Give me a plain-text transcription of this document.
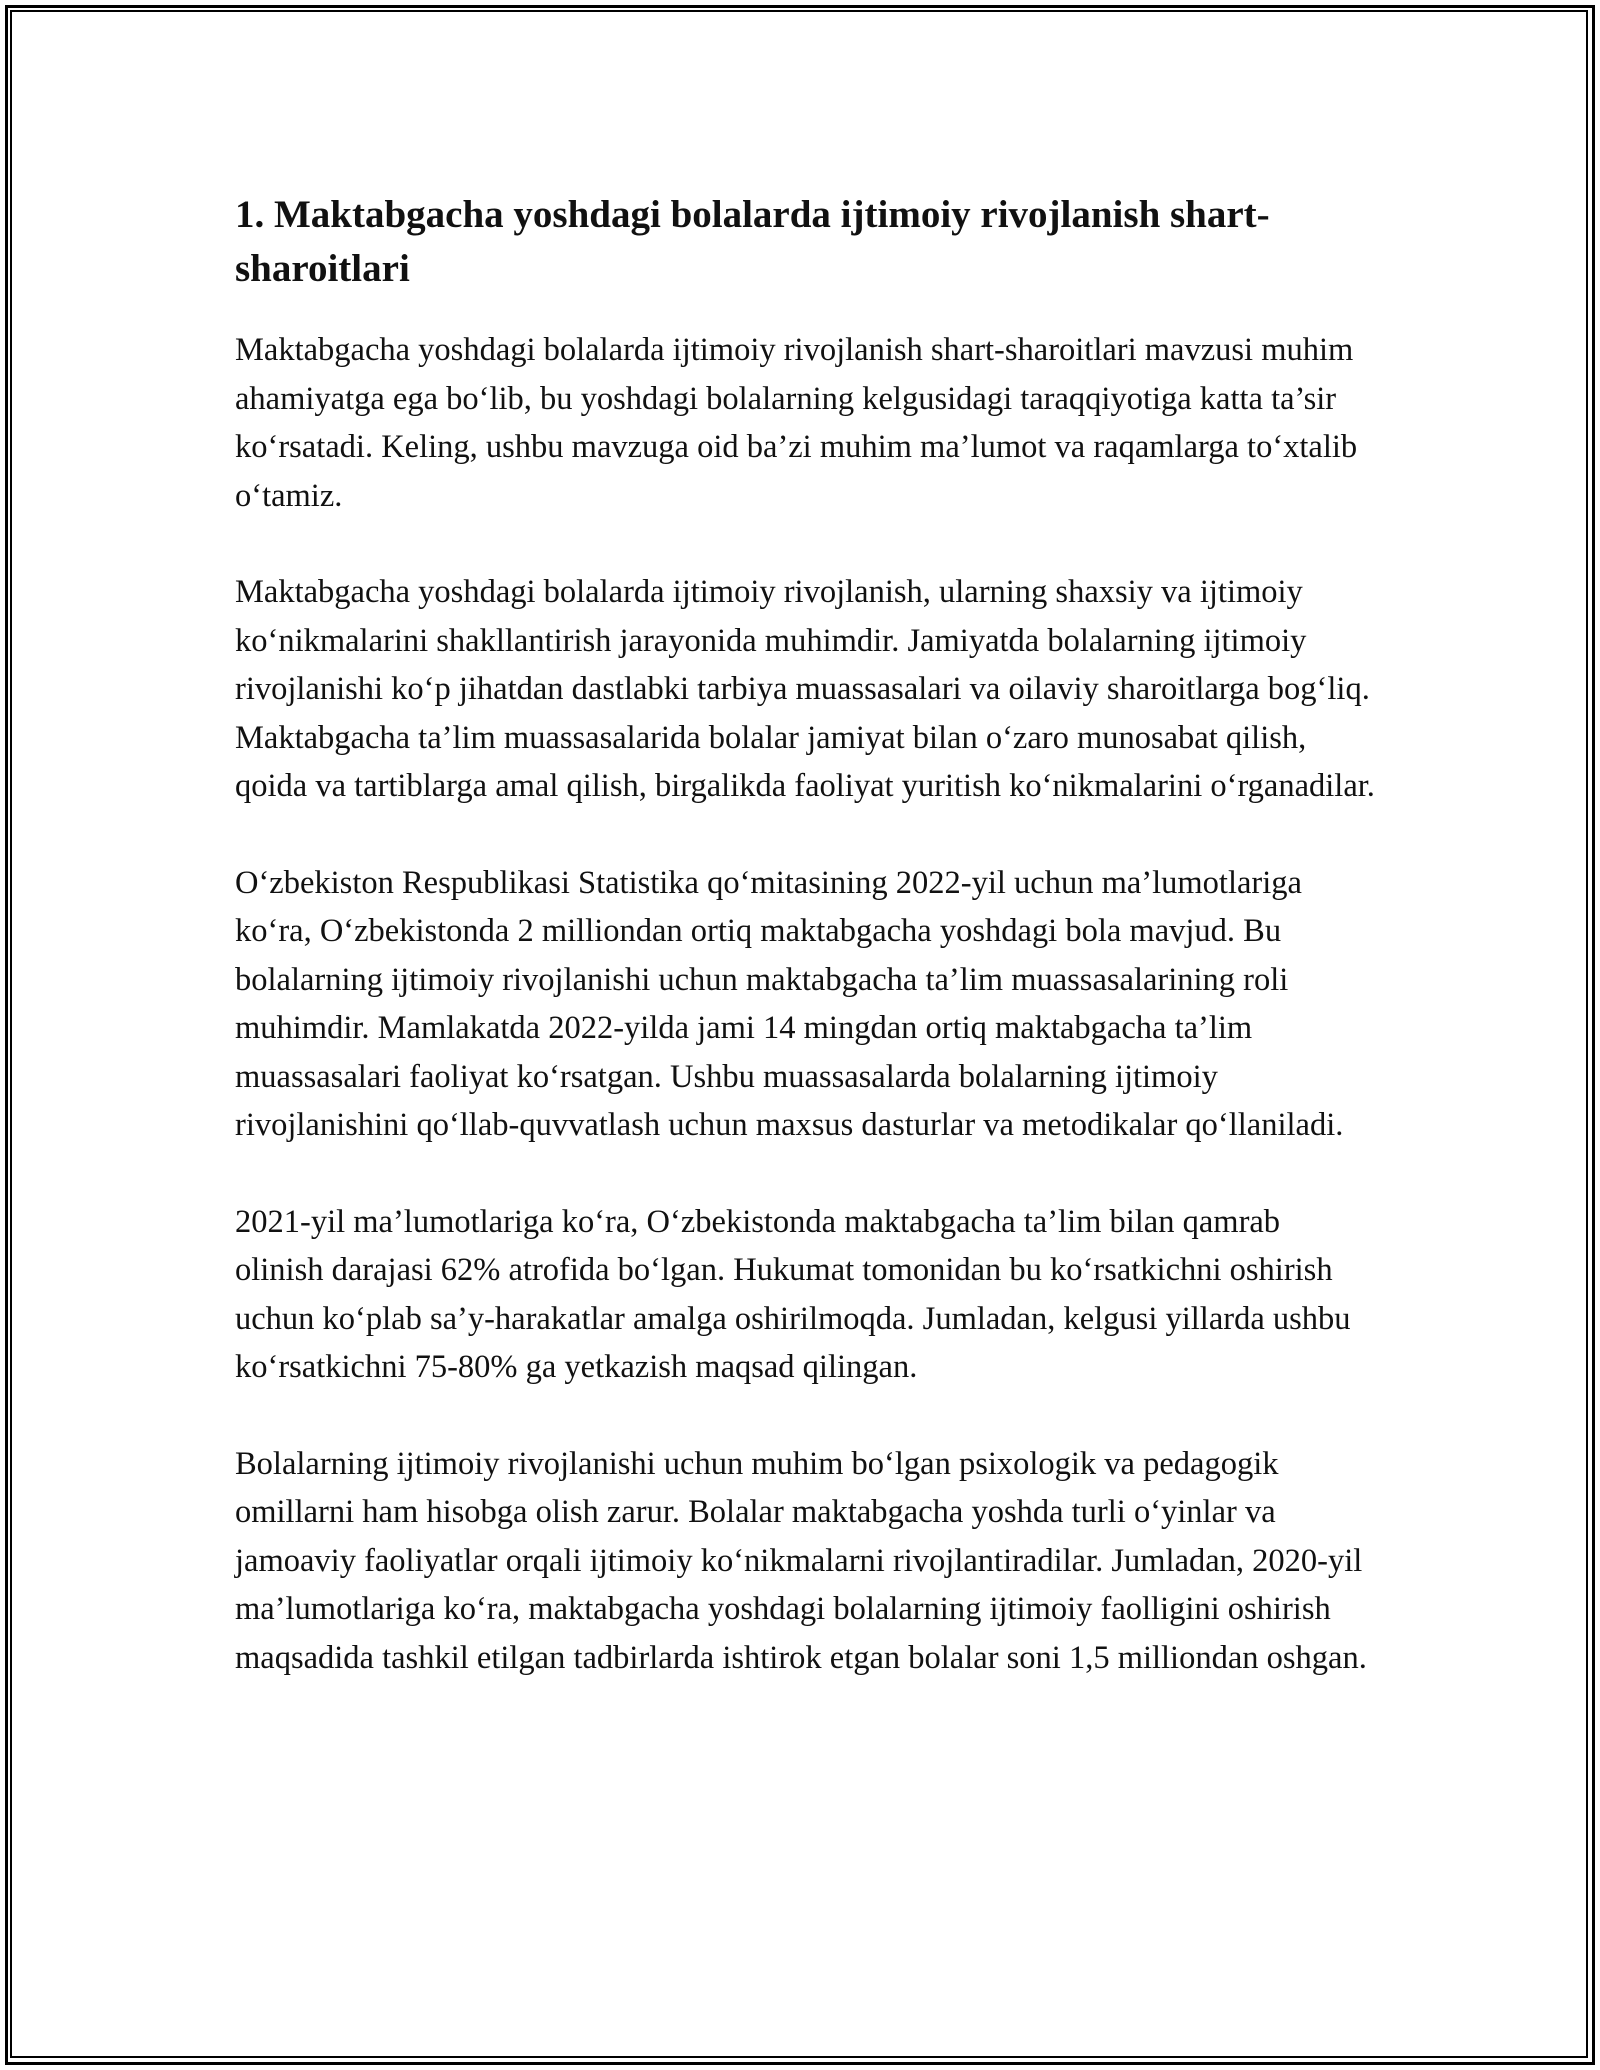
1. Maktabgacha yoshdagi bolalarda ijtimoiy rivojlanish shart-sharoitlari

Maktabgacha yoshdagi bolalarda ijtimoiy rivojlanish shart-sharoitlari mavzusi muhim ahamiyatga ega bo‘lib, bu yoshdagi bolalarning kelgusidagi taraqqiyotiga katta ta’sir ko‘rsatadi. Keling, ushbu mavzuga oid ba’zi muhim ma’lumot va raqamlarga to‘xtalib o‘tamiz.

Maktabgacha yoshdagi bolalarda ijtimoiy rivojlanish, ularning shaxsiy va ijtimoiy ko‘nikmalarini shakllantirish jarayonida muhimdir. Jamiyatda bolalarning ijtimoiy rivojlanishi ko‘p jihatdan dastlabki tarbiya muassasalari va oilaviy sharoitlarga bog‘liq. Maktabgacha ta’lim muassasalarida bolalar jamiyat bilan o‘zaro munosabat qilish, qoida va tartiblarga amal qilish, birgalikda faoliyat yuritish ko‘nikmalarini o‘rganadilar.

O‘zbekiston Respublikasi Statistika qo‘mitasining 2022-yil uchun ma’lumotlariga ko‘ra, O‘zbekistonda 2 milliondan ortiq maktabgacha yoshdagi bola mavjud. Bu bolalarning ijtimoiy rivojlanishi uchun maktabgacha ta’lim muassasalarining roli muhimdir. Mamlakatda 2022-yilda jami 14 mingdan ortiq maktabgacha ta’lim muassasalari faoliyat ko‘rsatgan. Ushbu muassasalarda bolalarning ijtimoiy rivojlanishini qo‘llab-quvvatlash uchun maxsus dasturlar va metodikalar qo‘llaniladi.

2021-yil ma’lumotlariga ko‘ra, O‘zbekistonda maktabgacha ta’lim bilan qamrab olinish darajasi 62% atrofida bo‘lgan. Hukumat tomonidan bu ko‘rsatkichni oshirish uchun ko‘plab sa’y-harakatlar amalga oshirilmoqda. Jumladan, kelgusi yillarda ushbu ko‘rsatkichni 75-80% ga yetkazish maqsad qilingan.

Bolalarning ijtimoiy rivojlanishi uchun muhim bo‘lgan psixologik va pedagogik omillarni ham hisobga olish zarur. Bolalar maktabgacha yoshda turli o‘yinlar va jamoaviy faoliyatlar orqali ijtimoiy ko‘nikmalarni rivojlantiradilar. Jumladan, 2020-yil ma’lumotlariga ko‘ra, maktabgacha yoshdagi bolalarning ijtimoiy faolligini oshirish maqsadida tashkil etilgan tadbirlarda ishtirok etgan bolalar soni 1,5 milliondan oshgan.
